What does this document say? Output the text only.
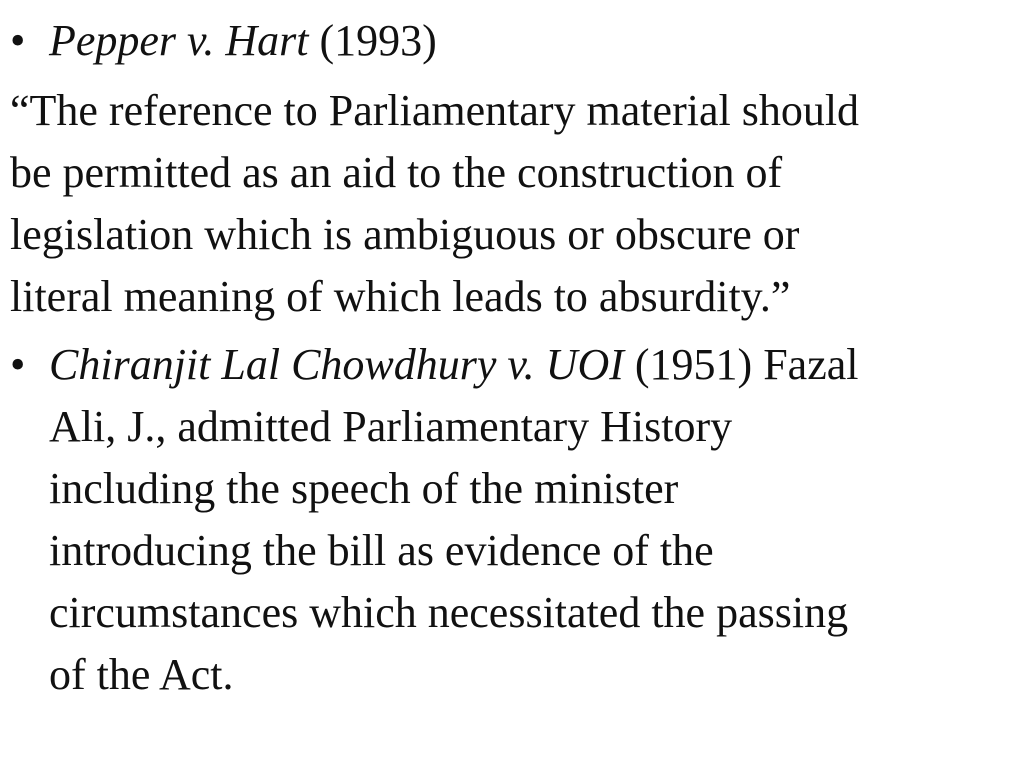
• Pepper v. Hart (1993)
“The reference to Parliamentary material should
be permitted as an aid to the construction of
legislation which is ambiguous or obscure or
literal meaning of which leads to absurdity.”
• Chiranjit Lal Chowdhury v. UOI (1951) Fazal
Ali, J., admitted Parliamentary History
including the speech of the minister
introducing the bill as evidence of the
circumstances which necessitated the passing
of the Act.
